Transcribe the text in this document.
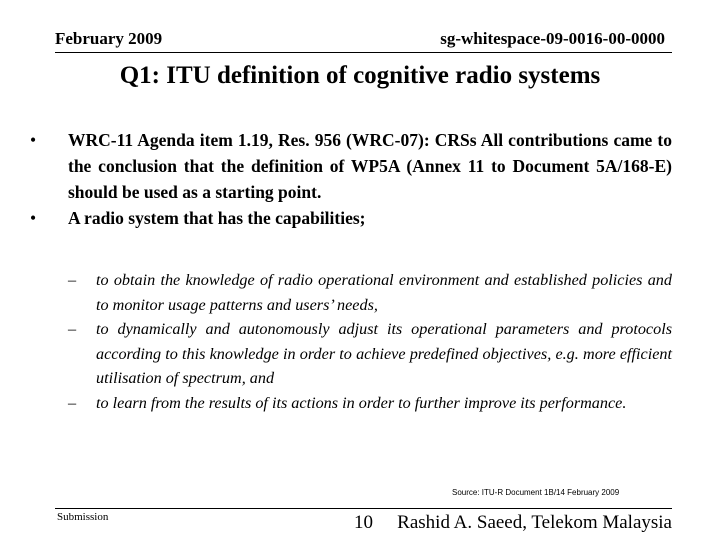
February 2009	sg-whitespace-09-0016-00-0000
Q1: ITU definition of cognitive radio systems
• WRC-11 Agenda item 1.19, Res. 956 (WRC-07): CRSs All contributions came to the conclusion that the definition of WP5A (Annex 11 to Document 5A/168-E) should be used as a starting point.
• A radio system that has the capabilities;
– to obtain the knowledge of radio operational environment and established policies and to monitor usage patterns and users’ needs,
– to dynamically and autonomously adjust its operational parameters and protocols according to this knowledge in order to achieve predefined objectives, e.g. more efficient utilisation of spectrum, and
– to learn from the results of its actions in order to further improve its performance.
Source: ITU-R Document 1B/14 February 2009
Submission	10 Rashid A. Saeed, Telekom Malaysia
